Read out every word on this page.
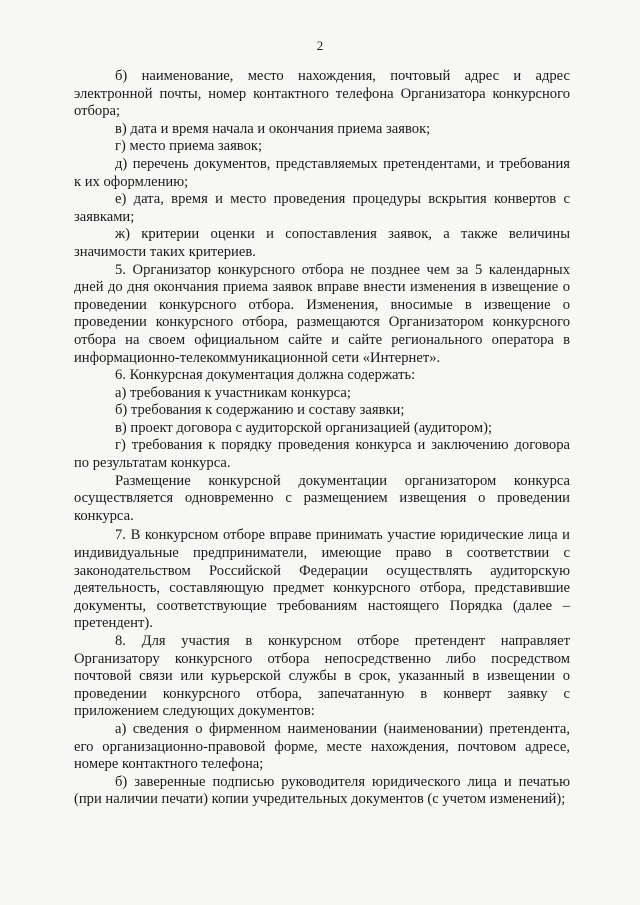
2

б) наименование, место нахождения, почтовый адрес и адрес электронной почты, номер контактного телефона Организатора конкурсного отбора;

в) дата и время начала и окончания приема заявок;

г) место приема заявок;

д) перечень документов, представляемых претендентами, и требования к их оформлению;

е) дата, время и место проведения процедуры вскрытия конвертов с заявками;

ж) критерии оценки и сопоставления заявок, а также величины значимости таких критериев.

5. Организатор конкурсного отбора не позднее чем за 5 календарных дней до дня окончания приема заявок вправе внести изменения в извещение о проведении конкурсного отбора. Изменения, вносимые в извещение о проведении конкурсного отбора, размещаются Организатором конкурсного отбора на своем официальном сайте и сайте регионального оператора в информационно-телекоммуникационной сети «Интернет».

6. Конкурсная документация должна содержать:

а) требования к участникам конкурса;

б) требования к содержанию и составу заявки;

в) проект договора с аудиторской организацией (аудитором);

г) требования к порядку проведения конкурса и заключению договора по результатам конкурса.

Размещение конкурсной документации организатором конкурса осуществляется одновременно с размещением извещения о проведении конкурса.

7. В конкурсном отборе вправе принимать участие юридические лица и индивидуальные предприниматели, имеющие право в соответствии с законодательством Российской Федерации осуществлять аудиторскую деятельность, составляющую предмет конкурсного отбора, представившие документы, соответствующие требованиям настоящего Порядка (далее – претендент).

8. Для участия в конкурсном отборе претендент направляет Организатору конкурсного отбора непосредственно либо посредством почтовой связи или курьерской службы в срок, указанный в извещении о проведении конкурсного отбора, запечатанную в конверт заявку с приложением следующих документов:

а) сведения о фирменном наименовании (наименовании) претендента, его организационно-правовой форме, месте нахождения, почтовом адресе, номере контактного телефона;

б) заверенные подписью руководителя юридического лица и печатью (при наличии печати) копии учредительных документов (с учетом изменений);
